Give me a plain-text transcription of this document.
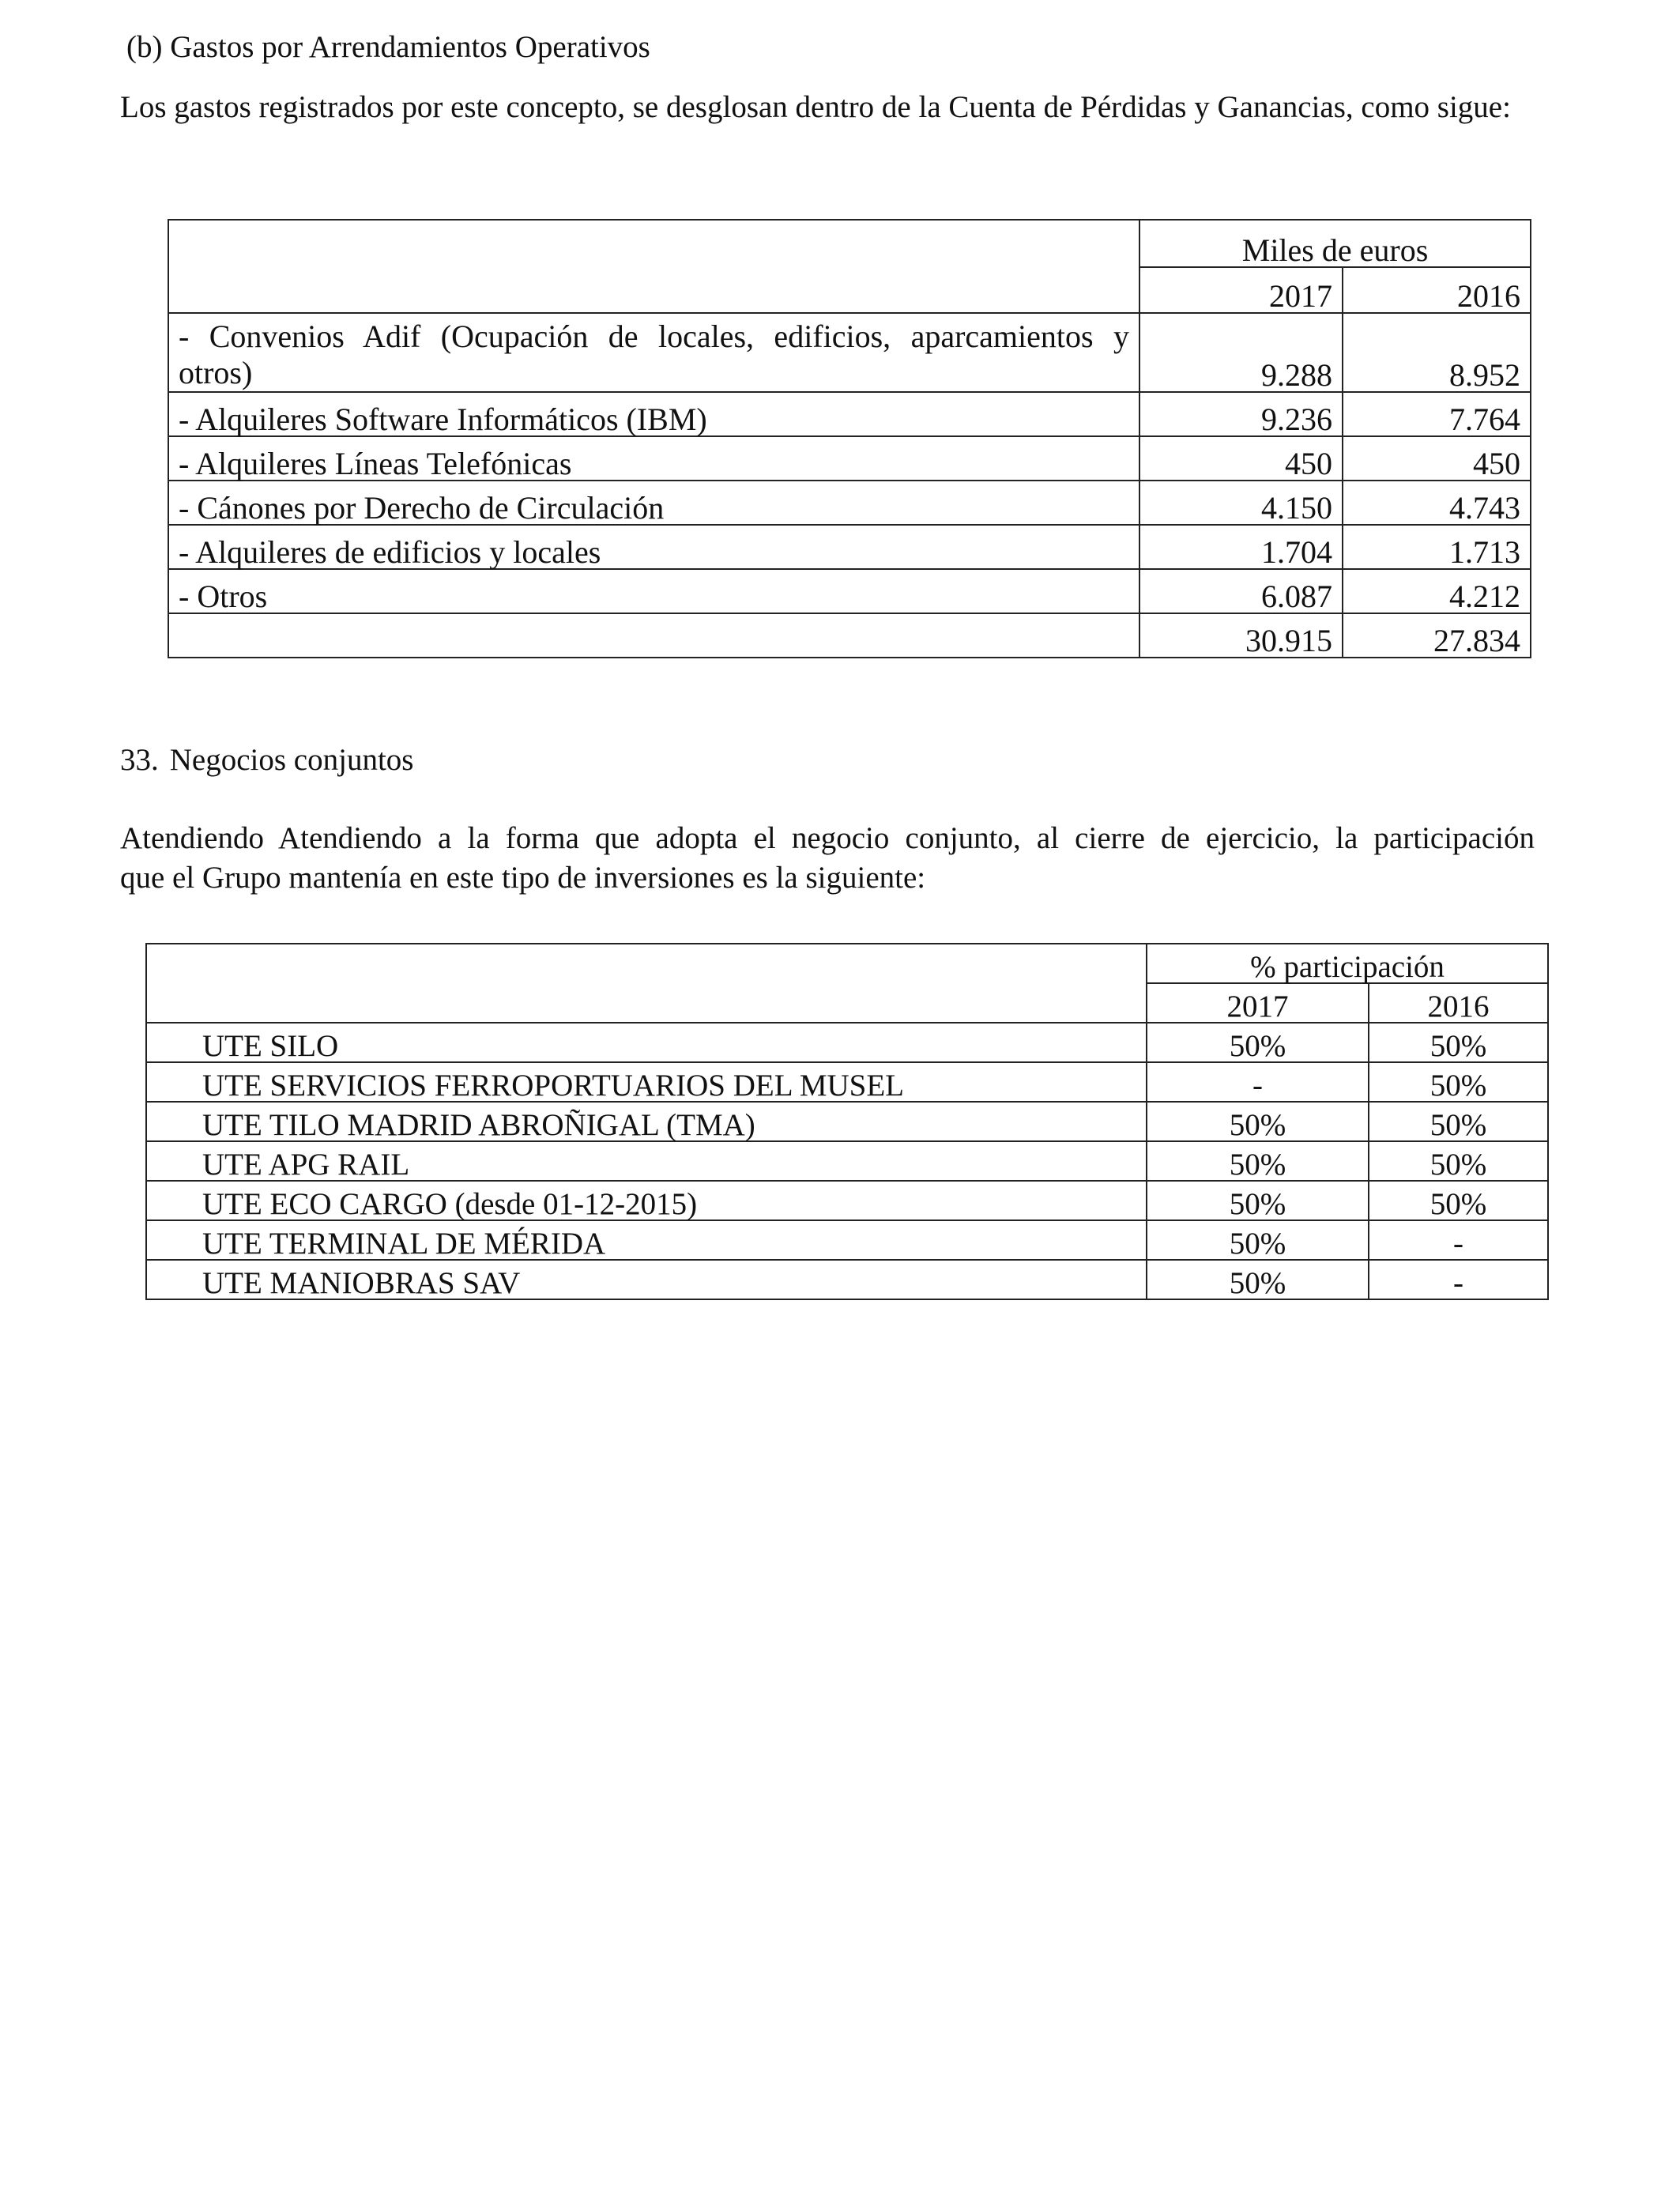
(b) Gastos por Arrendamientos Operativos
Los gastos registrados por este concepto, se desglosan dentro de la Cuenta de Pérdidas y Ganancias, como sigue:
	Miles de euros	
	2017	2016
- Convenios Adif (Ocupación de locales, edificios, aparcamientos y
otros)	9.288	8.952
- Alquileres Software Informáticos (IBM)	9.236	7.764
- Alquileres Líneas Telefónicas	450	450
- Cánones por Derecho de Circulación	4.150	4.743
- Alquileres de edificios y locales	1.704	1.713
- Otros	6.087	4.212
	30.915	27.834
33. Negocios conjuntos
Atendiendo Atendiendo a la forma que adopta el negocio conjunto, al cierre de ejercicio, la participación
que el Grupo mantenía en este tipo de inversiones es la siguiente:
	% participación	
	2017	2016
UTE SILO	50%	50%
UTE SERVICIOS FERROPORTUARIOS DEL MUSEL	-	50%
UTE TILO MADRID ABROÑIGAL (TMA)	50%	50%
UTE APG RAIL	50%	50%
UTE ECO CARGO (desde 01-12-2015)	50%	50%
UTE TERMINAL DE MÉRIDA	50%	-
UTE MANIOBRAS SAV	50%	-
